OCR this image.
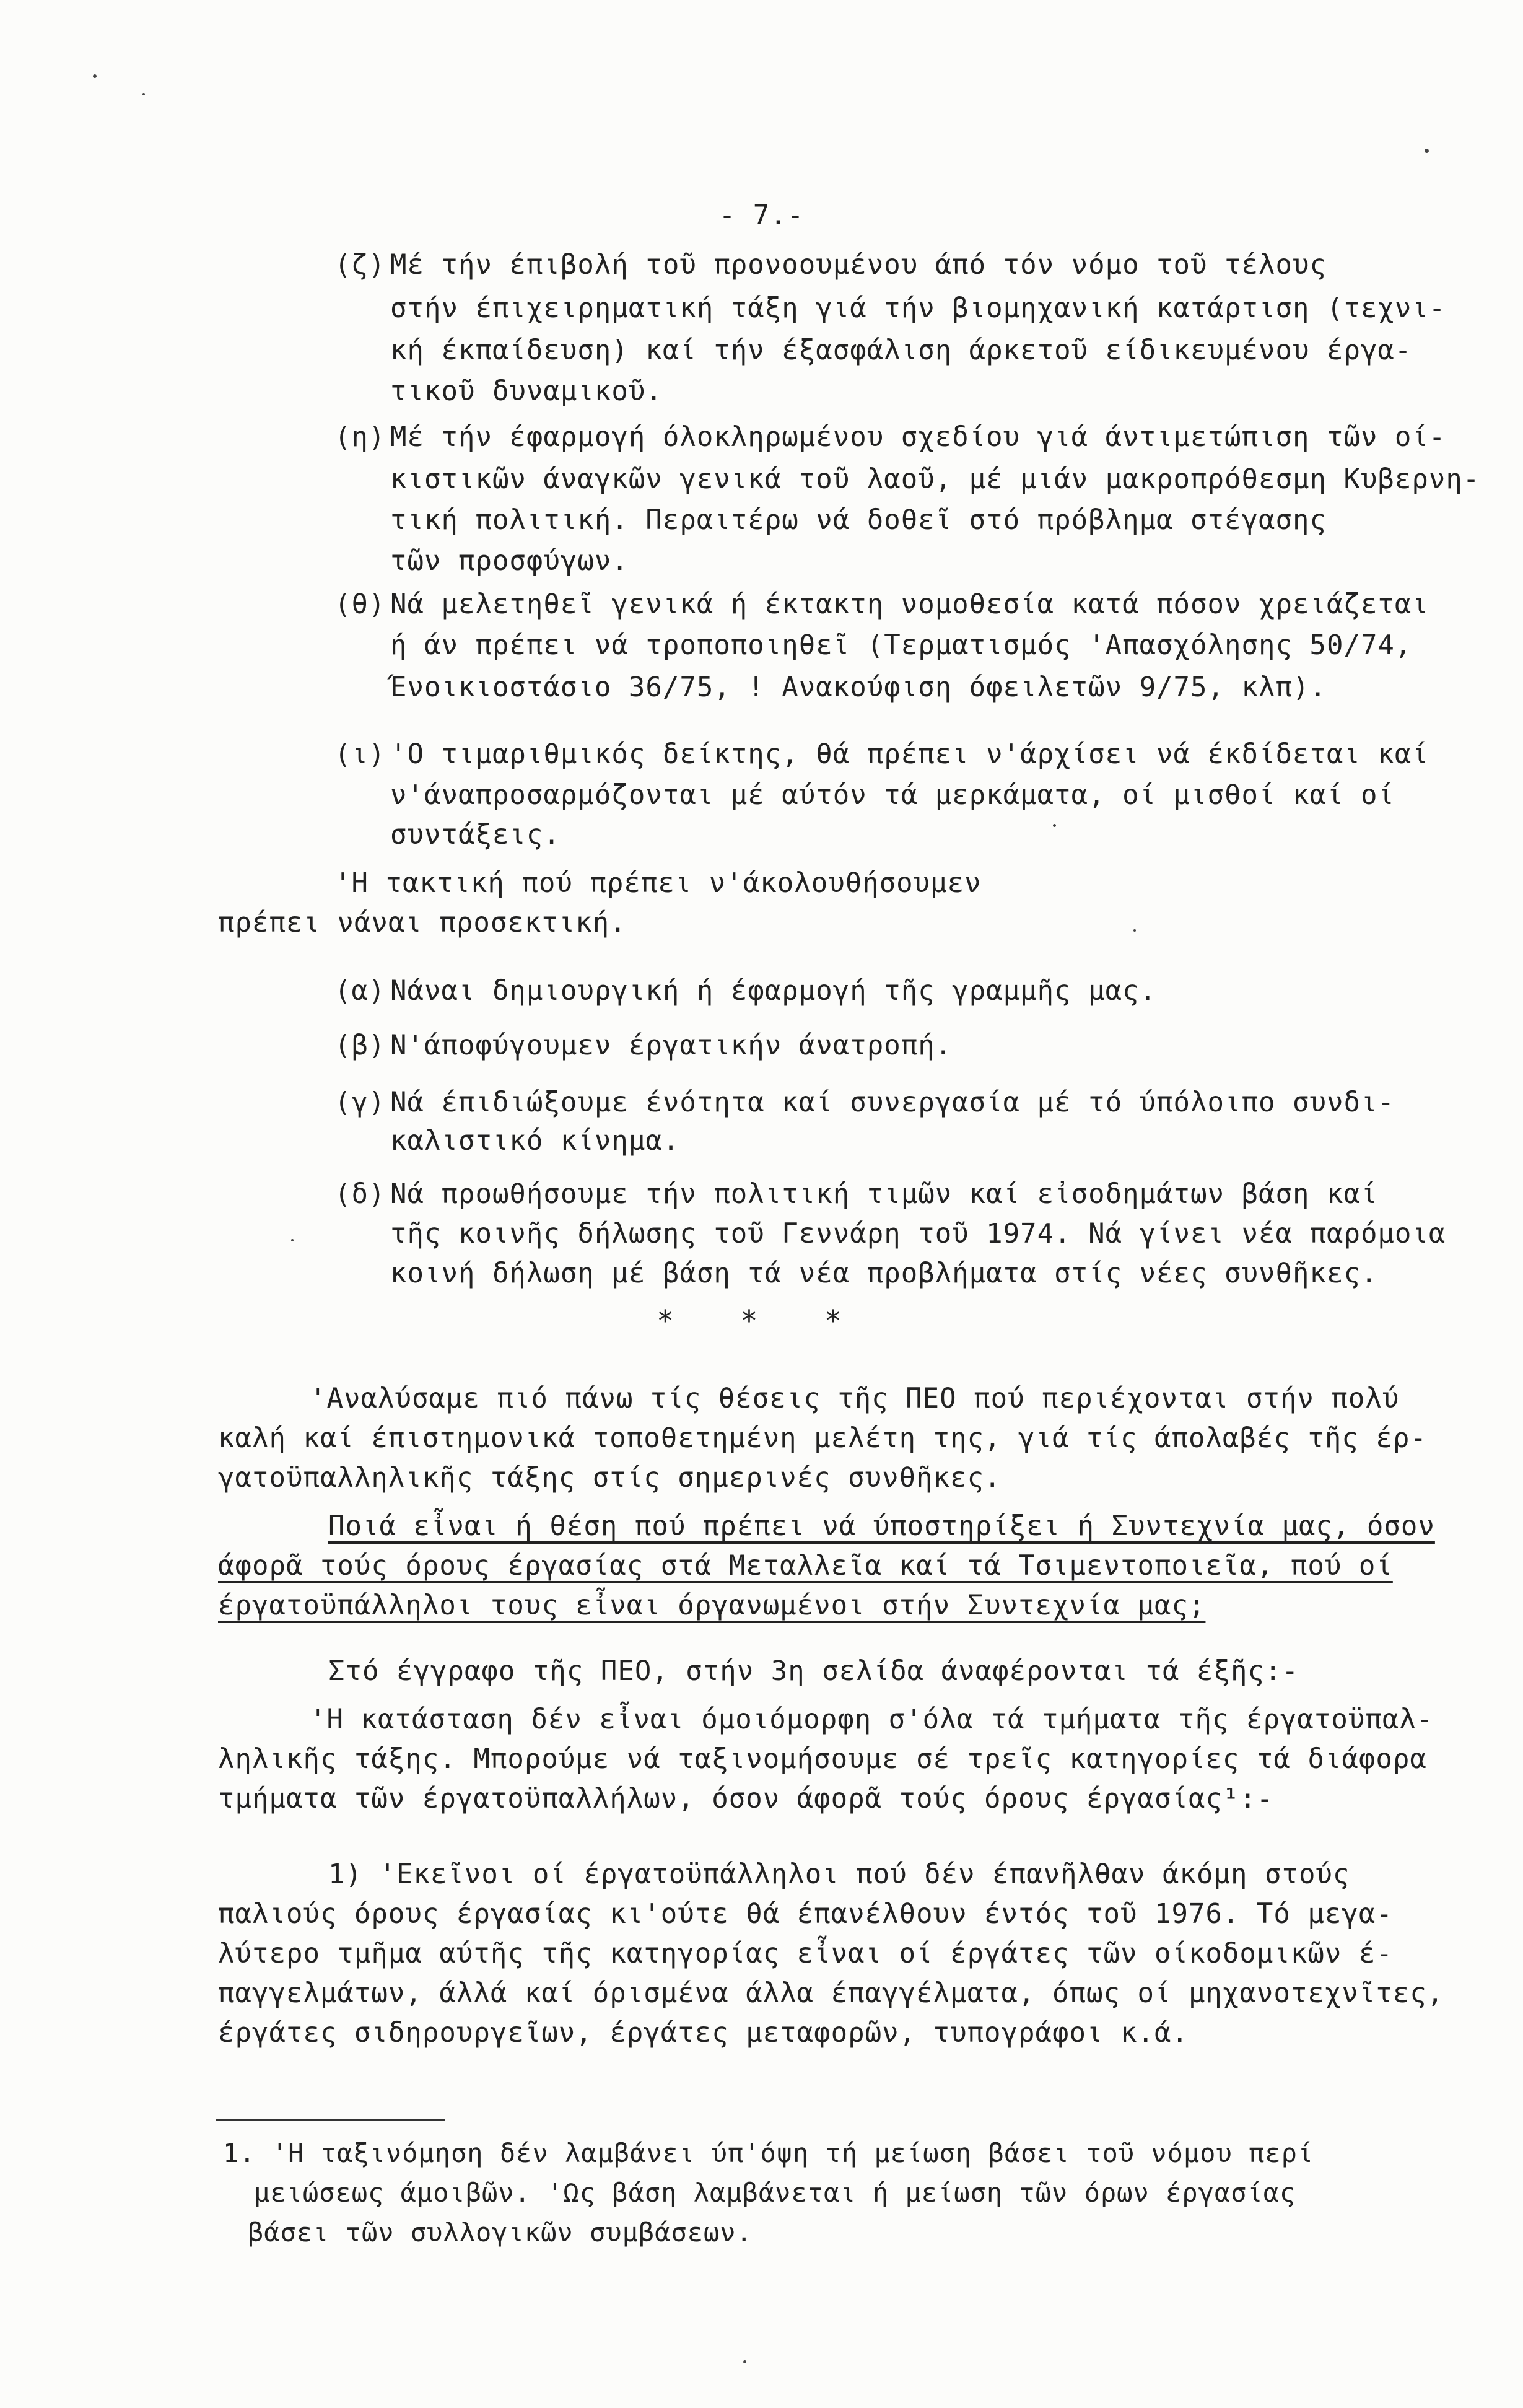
- 7.-
(ζ) Μέ τήν έπιβολή τοῦ προνοουμένου άπό τόν νόμο τοῦ τέλους
στήν έπιχειρηματική τάξη γιά τήν βιομηχανική κατάρτιση (τεχνι-
κή έκπαίδευση) καί τήν έξασφάλιση άρκετοῦ είδικευμένου έργα-
τικοῦ δυναμικοῦ.
(η) Μέ τήν έφαρμογή όλοκληρωμένου σχεδίου γιά άντιμετώπιση τῶν οί-
κιστικῶν άναγκῶν γενικά τοῦ λαοῦ, μέ μιάν μακροπρόθεσμη Κυβερνη-
τική πολιτική. Περαιτέρω νά δοθεῖ στό πρόβλημα στέγασης
τῶν προσφύγων.
(θ) Νά μελετηθεῖ γενικά ή έκτακτη νομοθεσία κατά πόσον χρειάζεται
ή άν πρέπει νά τροποποιηθεῖ (Τερματισμός 'Απασχόλησης 50/74,
Ένοικιοστάσιο 36/75, ! Ανακούφιση όφειλετῶν 9/75, κλπ).
(ι) 'Ο τιμαριθμικός δείκτης, θά πρέπει ν'άρχίσει νά έκδίδεται καί
ν'άναπροσαρμόζονται μέ αύτόν τά μερκάματα, οί μισθοί καί οί
συντάξεις.
'Η τακτική πού πρέπει ν'άκολουθήσουμεν
πρέπει νάναι προσεκτική.
(α) Νάναι δημιουργική ή έφαρμογή τῆς γραμμῆς μας.
(β) Ν'άποφύγουμεν έργατικήν άνατροπή.
(γ) Νά έπιδιώξουμε ένότητα καί συνεργασία μέ τό ύπόλοιπο συνδι-
καλιστικό κίνημα.
(δ) Νά προωθήσουμε τήν πολιτική τιμῶν καί εἰσοδημάτων βάση καί
τῆς κοινῆς δήλωσης τοῦ Γεννάρη τοῦ 1974. Νά γίνει νέα παρόμοια
κοινή δήλωση μέ βάση τά νέα προβλήματα στίς νέες συνθῆκες.
* * *
'Αναλύσαμε πιό πάνω τίς θέσεις τῆς ΠΕΟ πού περιέχονται στήν πολύ
καλή καί έπιστημονικά τοποθετημένη μελέτη της, γιά τίς άπολαβές τῆς έρ-
γατοϋπαλληλικῆς τάξης στίς σημερινές συνθῆκες.
Ποιά εἶναι ή θέση πού πρέπει νά ύποστηρίξει ή Συντεχνία μας, όσον
άφορᾶ τούς όρους έργασίας στά Μεταλλεῖα καί τά Τσιμεντοποιεῖα, πού οί
έργατοϋπάλληλοι τους εἶναι όργανωμένοι στήν Συντεχνία μας;
Στό έγγραφο τῆς ΠΕΟ, στήν 3η σελίδα άναφέρονται τά έξῆς:-
'Η κατάσταση δέν εἶναι όμοιόμορφη σ'όλα τά τμήματα τῆς έργατοϋπαλ-
ληλικῆς τάξης. Μπορούμε νά ταξινομήσουμε σέ τρεῖς κατηγορίες τά διάφορα
τμήματα τῶν έργατοϋπαλλήλων, όσον άφορᾶ τούς όρους έργασίας¹:-
1) 'Εκεῖνοι οί έργατοϋπάλληλοι πού δέν έπανῆλθαν άκόμη στούς
παλιούς όρους έργασίας κι'ούτε θά έπανέλθουν έντός τοῦ 1976. Τό μεγα-
λύτερο τμῆμα αύτῆς τῆς κατηγορίας εἶναι οί έργάτες τῶν οίκοδομικῶν έ-
παγγελμάτων, άλλά καί όρισμένα άλλα έπαγγέλματα, όπως οί μηχανοτεχνῖτες,
έργάτες σιδηρουργεῖων, έργάτες μεταφορῶν, τυπογράφοι κ.ά.
1. 'Η ταξινόμηση δέν λαμβάνει ύπ'όψη τή μείωση βάσει τοῦ νόμου περί
μειώσεως άμοιβῶν. 'Ως βάση λαμβάνεται ή μείωση τῶν όρων έργασίας
βάσει τῶν συλλογικῶν συμβάσεων.
